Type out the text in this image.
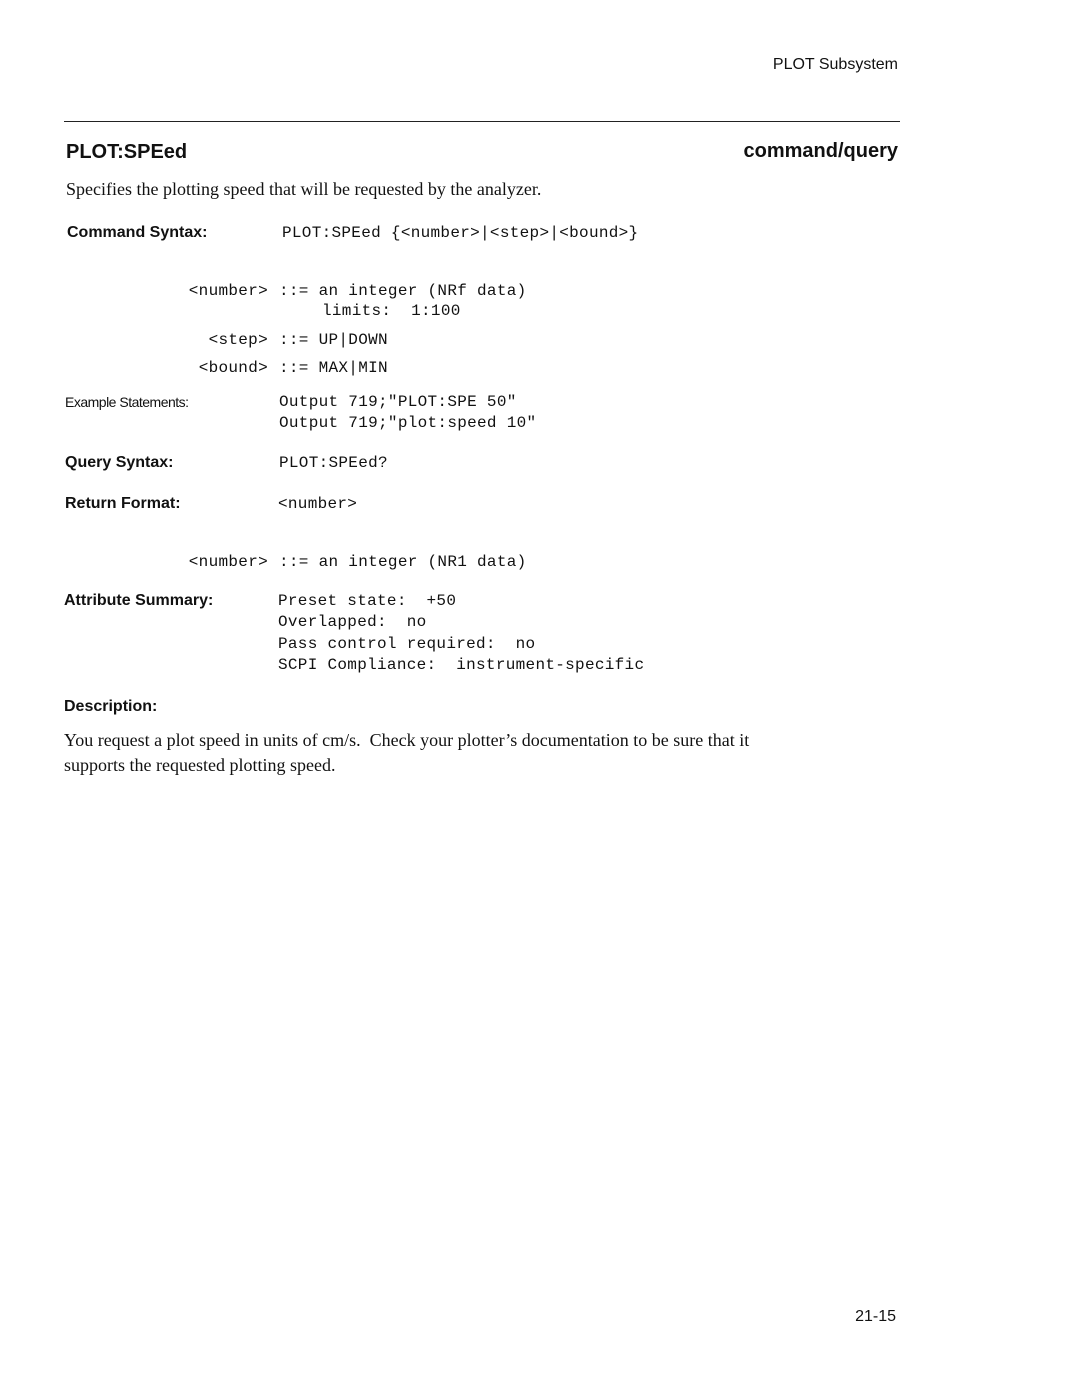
PLOT Subsystem
PLOT:SPEed	command/query
Specifies the plotting speed that will be requested by the analyzer.
Command Syntax:	PLOT:SPEed {<number>|<step>|<bound>}
<number> ::= an integer (NRf data)
limits:  1:100
<step> ::= UP|DOWN
<bound> ::= MAX|MIN
Example Statements:	Output 719;"PLOT:SPE 50"
Output 719;"plot:speed 10"
Query Syntax:	PLOT:SPEed?
Return Format:	<number>
<number> ::= an integer (NR1 data)
Attribute Summary:	Preset state:  +50
Overlapped:  no
Pass control required:  no
SCPI Compliance:  instrument-specific
Description:
You request a plot speed in units of cm/s.  Check your plotter’s documentation to be sure that it
supports the requested plotting speed.
21-15
